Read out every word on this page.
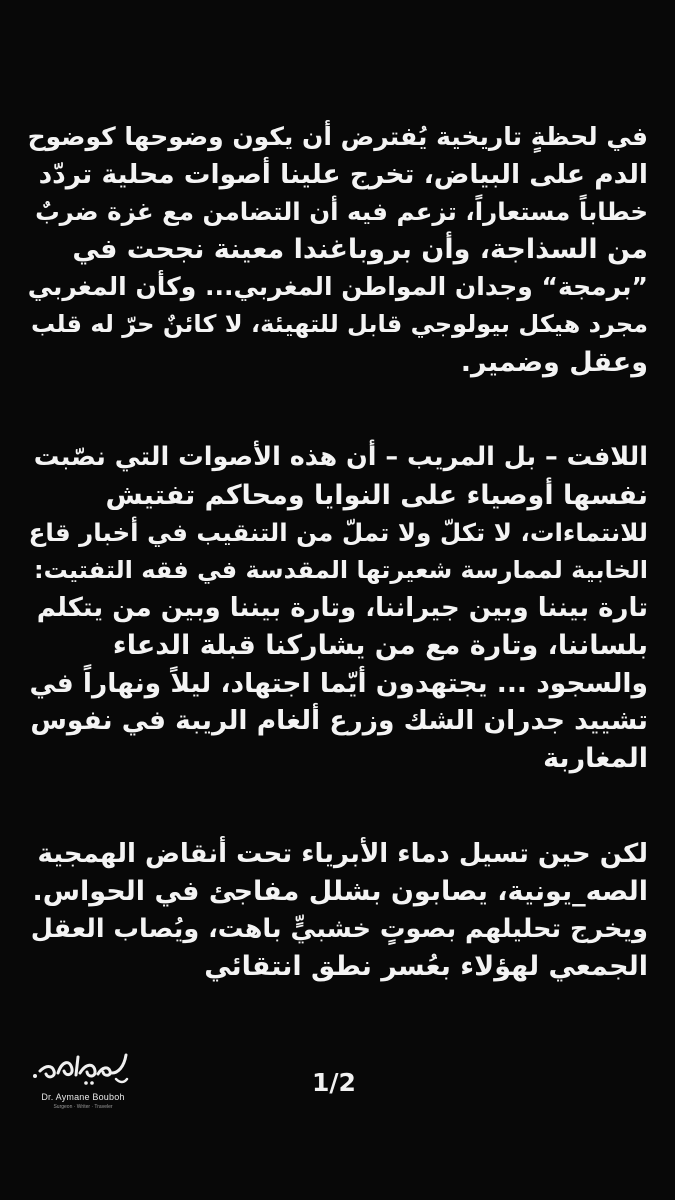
في لحظةٍ تاريخية يُفترض أن يكون وضوحها كوضوح
الدم على البياض، تخرج علينا أصوات محلية تردّد
خطاباً مستعاراً، تزعم فيه أن التضامن مع غزة ضربٌ
من السذاجة، وأن بروباغندا معينة نجحت في
”برمجة“ وجدان المواطن المغربي... وكأن المغربي
مجرد هيكل بيولوجي قابل للتهيئة، لا كائنٌ حرّ له قلب
وعقل وضمير.
اللافت – بل المريب – أن هذه الأصوات التي نصّبت
نفسها أوصياء على النوايا ومحاكم تفتيش
للانتماءات، لا تكلّ ولا تملّ من التنقيب في أخبار قاع
الخابية لممارسة شعيرتها المقدسة في فقه التفتيت:
تارة بيننا وبين جيراننا، وتارة بيننا وبين من يتكلم
بلساننا، وتارة مع من يشاركنا قبلة الدعاء
والسجود ... يجتهدون أيّما اجتهاد، ليلاً ونهاراً في
تشييد جدران الشك وزرع ألغام الريبة في نفوس
المغاربة
لكن حين تسيل دماء الأبرياء تحت أنقاض الهمجية
الصه_يونية، يصابون بشلل مفاجئ في الحواس.
ويخرج تحليلهم بصوتٍ خشبيٍّ باهت، ويُصاب العقل
الجمعي لهؤلاء بعُسر نطق انتقائي
Dr. Aymane Bouboh
Surgeon · Writer · Traveler
1/2
